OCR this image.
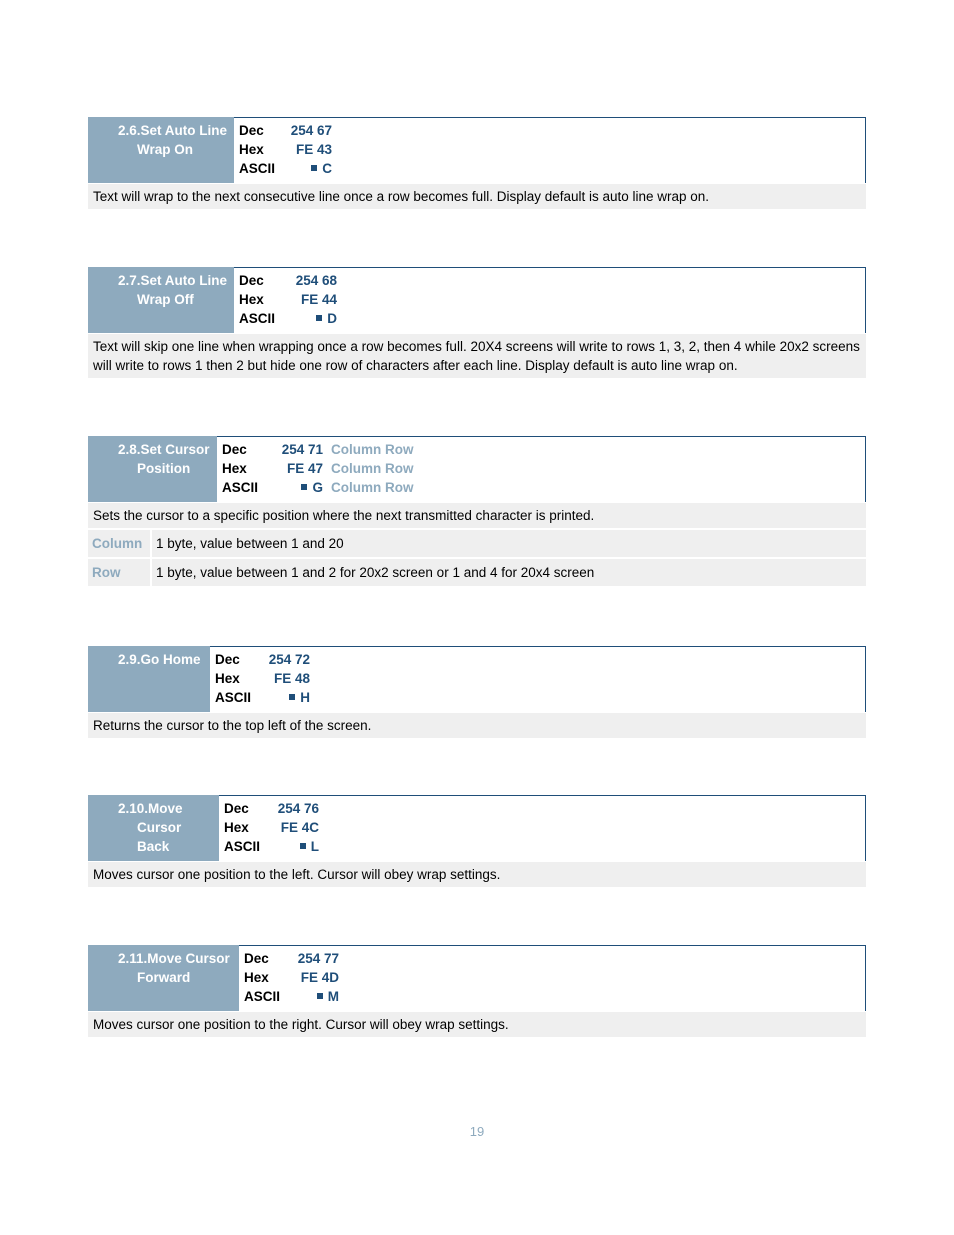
2.6.Set Auto Line
Wrap On
Dec	254 67
Hex	FE 43
ASCII	C
Text will wrap to the next consecutive line once a row becomes full. Display default is auto line wrap on.
2.7.Set Auto Line
Wrap Off
Dec	254 68
Hex	FE 44
ASCII	D
Text will skip one line when wrapping once a row becomes full. 20X4 screens will write to rows 1, 3, 2, then 4 while 20x2 screens will write to rows 1 then 2 but hide one row of characters after each line. Display default is auto line wrap on.
2.8.Set Cursor
Position
Dec	254 71 Column Row
Hex	FE 47 Column Row
ASCII	G Column Row
Sets the cursor to a specific position where the next transmitted character is printed.
Column	1 byte, value between 1 and 20
Row	1 byte, value between 1 and 2 for 20x2 screen or 1 and 4 for 20x4 screen
2.9.Go Home Dec	254 72
Hex	FE 48
ASCII	H
Returns the cursor to the top left of the screen.
2.10.Move
Cursor Back
Dec	254 76
Hex	FE 4C
ASCII	L
Moves cursor one position to the left. Cursor will obey wrap settings.
2.11.Move Cursor
Forward
Dec	254 77
Hex	FE 4D
ASCII	M
Moves cursor one position to the right. Cursor will obey wrap settings.
19
